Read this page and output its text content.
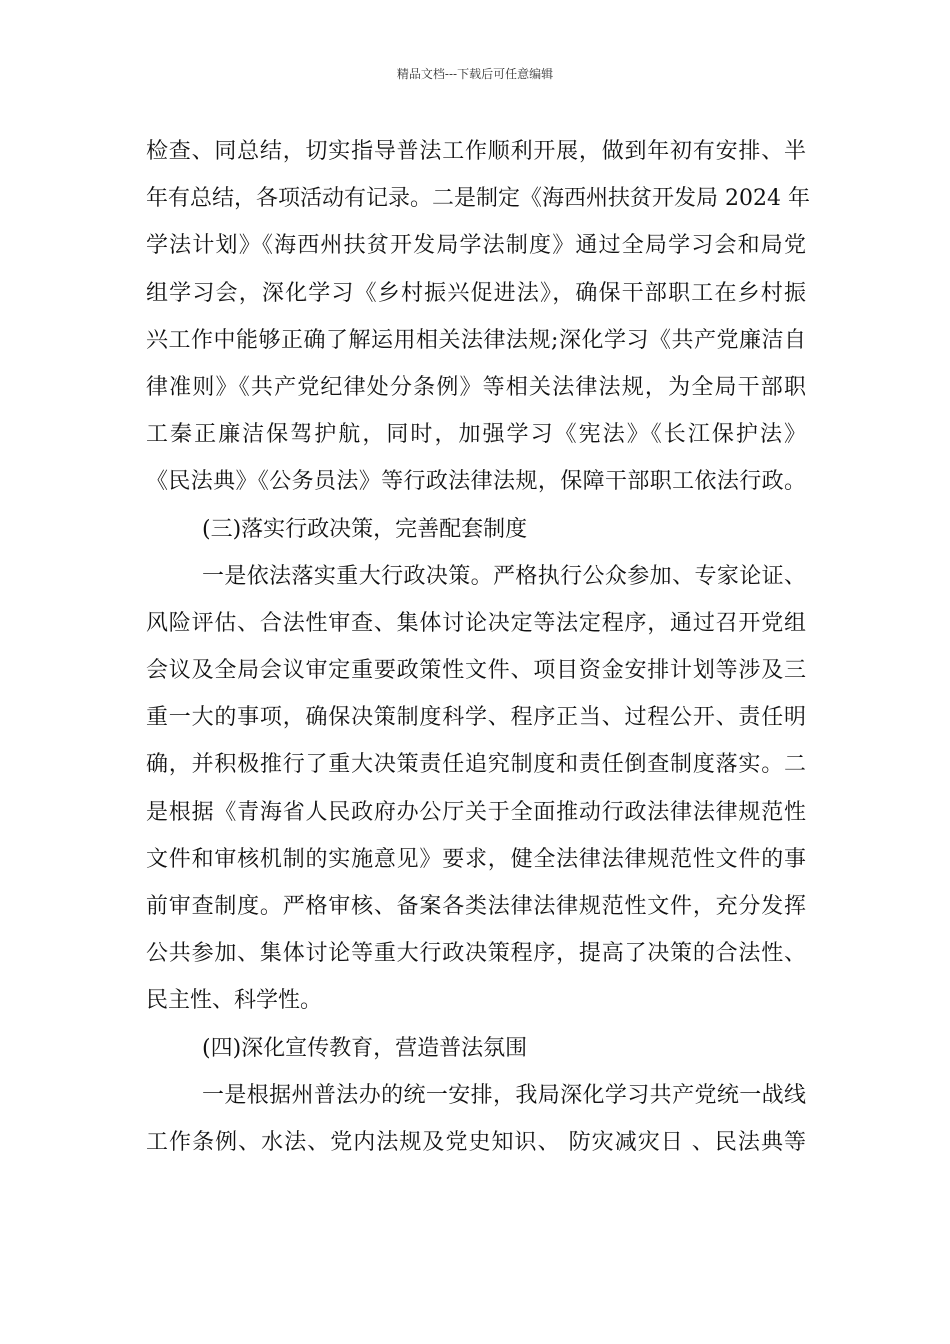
精品文档---下载后可任意编辑
检查、同总结，切实指导普法工作顺利开展，做到年初有安排、半
年有总结，各项活动有记录。二是制定《海西州扶贫开发局 2024 年
学法计划》《海西州扶贫开发局学法制度》通过全局学习会和局党
组学习会，深化学习《乡村振兴促进法》，确保干部职工在乡村振
兴工作中能够正确了解运用相关法律法规;深化学习《共产党廉洁自
律准则》《共产党纪律处分条例》等相关法律法规，为全局干部职
工秦正廉洁保驾护航，同时，加强学习《宪法》《长江保护法》
《民法典》《公务员法》等行政法律法规，保障干部职工依法行政。
(三)落实行政决策，完善配套制度
一是依法落实重大行政决策。严格执行公众参加、专家论证、
风险评估、合法性审查、集体讨论决定等法定程序，通过召开党组
会议及全局会议审定重要政策性文件、项目资金安排计划等涉及三
重一大的事项，确保决策制度科学、程序正当、过程公开、责任明
确，并积极推行了重大决策责任追究制度和责任倒查制度落实。二
是根据《青海省人民政府办公厅关于全面推动行政法律法律规范性
文件和审核机制的实施意见》要求，健全法律法律规范性文件的事
前审查制度。严格审核、备案各类法律法律规范性文件，充分发挥
公共参加、集体讨论等重大行政决策程序，提高了决策的合法性、
民主性、科学性。
(四)深化宣传教育，营造普法氛围
一是根据州普法办的统一安排，我局深化学习共产党统一战线
工作条例、水法、党内法规及党史知识、 防灾减灾日 、民法典等
